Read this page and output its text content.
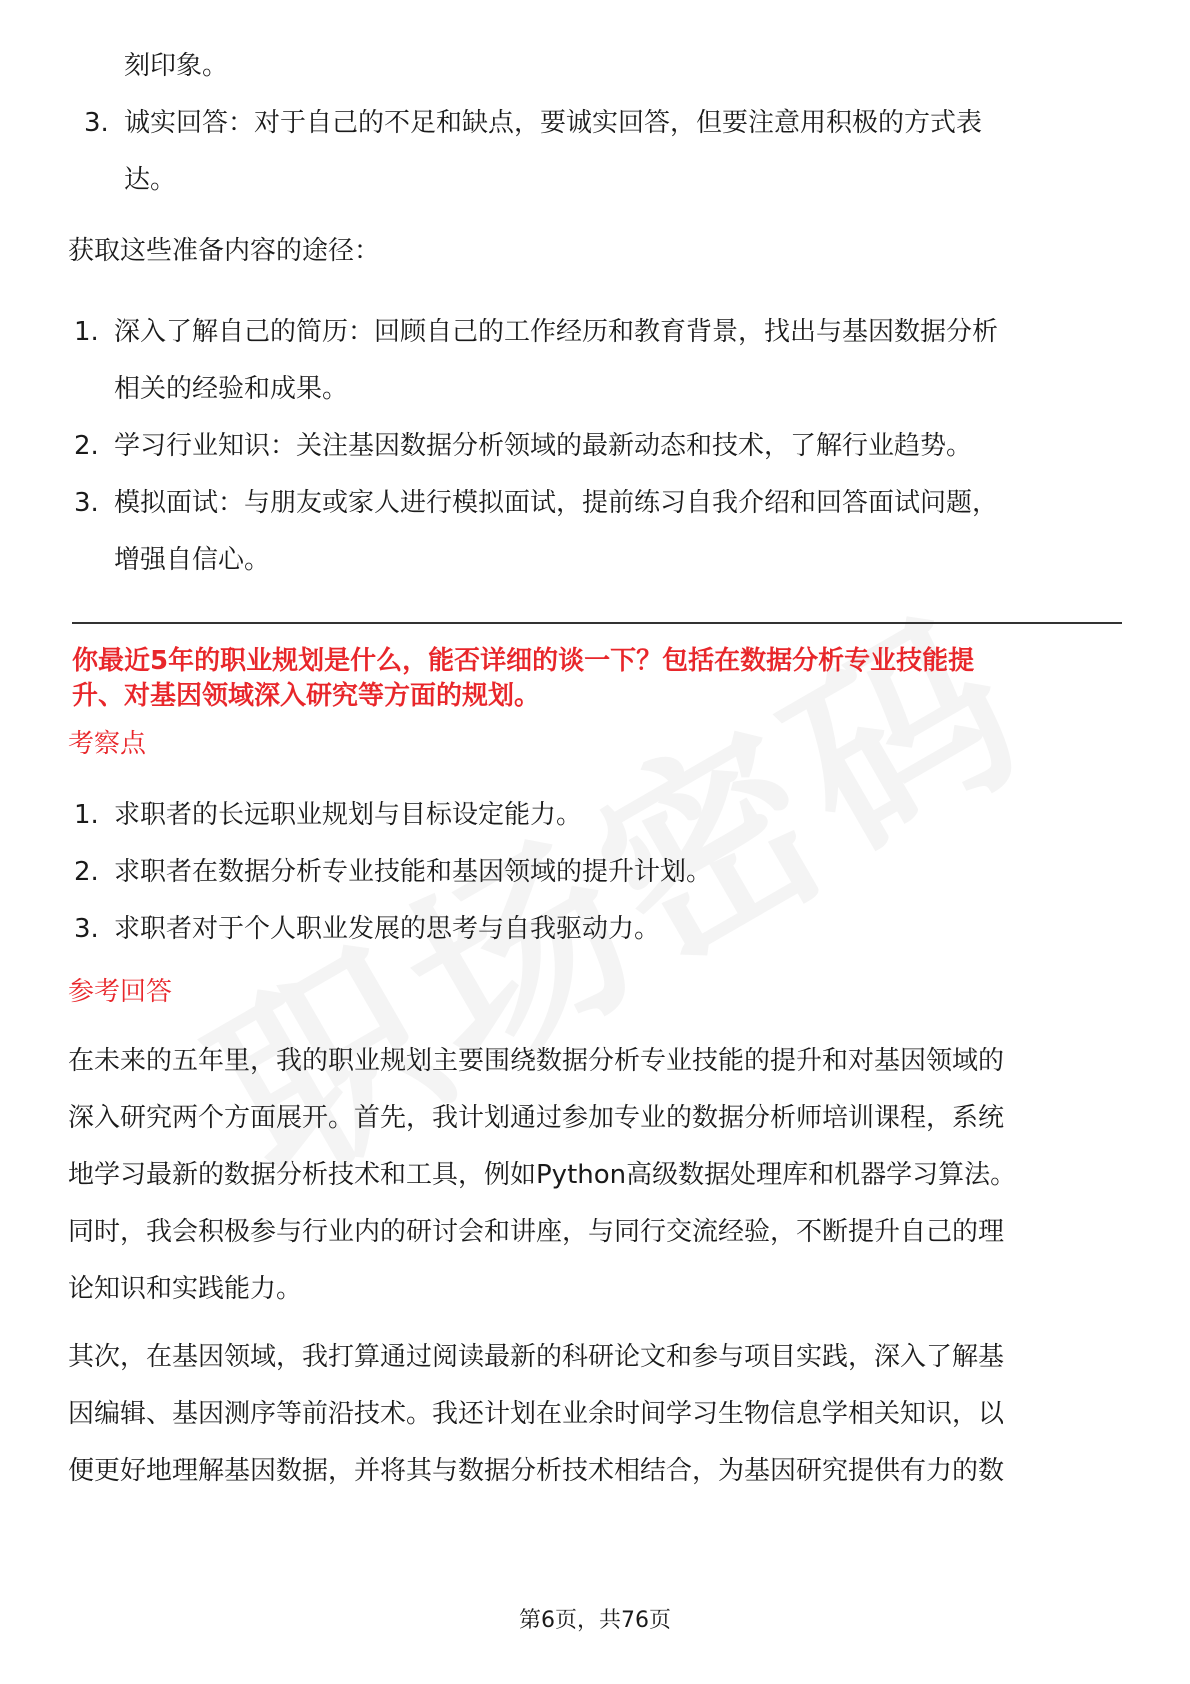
刻印象。
3. 诚实回答：对于自己的不足和缺点，要诚实回答，但要注意用积极的方式表
达。
获取这些准备内容的途径：
1. 深入了解自己的简历：回顾自己的工作经历和教育背景，找出与基因数据分析
相关的经验和成果。
2. 学习行业知识：关注基因数据分析领域的最新动态和技术，了解行业趋势。
3. 模拟面试：与朋友或家人进行模拟面试，提前练习自我介绍和回答面试问题，
增强自信心。
你最近5年的职业规划是什么，能否详细的谈一下？包括在数据分析专业技能提
升、对基因领域深入研究等方面的规划。
考察点
1. 求职者的长远职业规划与目标设定能力。
2. 求职者在数据分析专业技能和基因领域的提升计划。
3. 求职者对于个人职业发展的思考与自我驱动力。
参考回答
在未来的五年里，我的职业规划主要围绕数据分析专业技能的提升和对基因领域的
深入研究两个方面展开。首先，我计划通过参加专业的数据分析师培训课程，系统
地学习最新的数据分析技术和工具，例如Python高级数据处理库和机器学习算法。
同时，我会积极参与行业内的研讨会和讲座，与同行交流经验，不断提升自己的理
论知识和实践能力。
其次，在基因领域，我打算通过阅读最新的科研论文和参与项目实践，深入了解基
因编辑、基因测序等前沿技术。我还计划在业余时间学习生物信息学相关知识，以
便更好地理解基因数据，并将其与数据分析技术相结合，为基因研究提供有力的数
第6页，共76页
